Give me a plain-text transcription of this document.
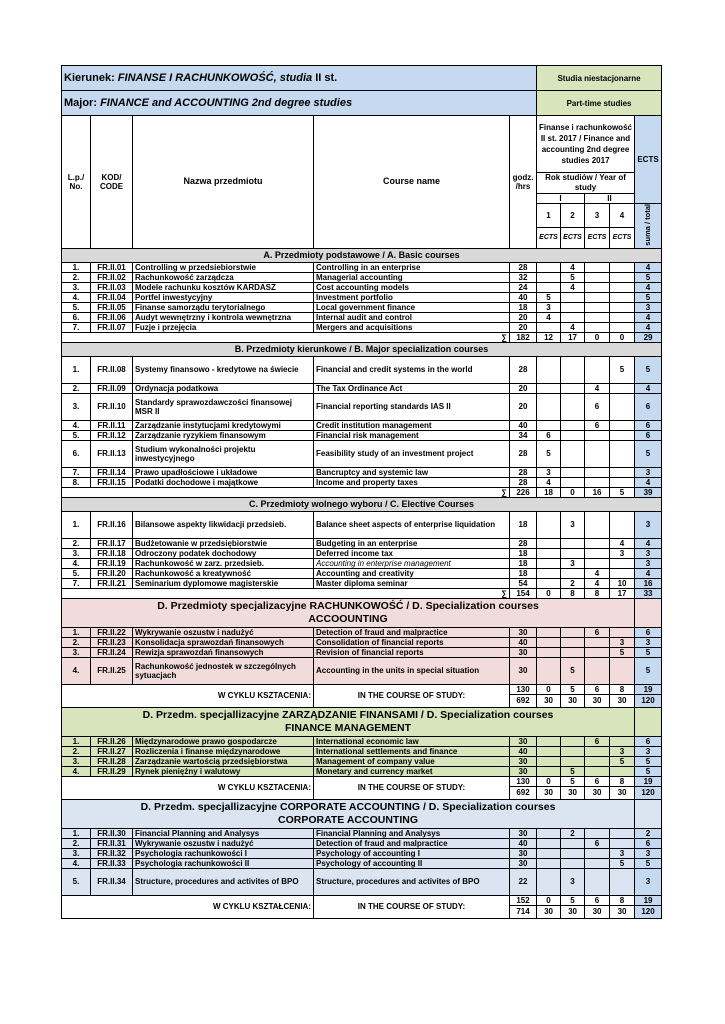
Kierunek: FINANSE I RACHUNKOWOŚĆ, studia II st.					Studia niestacjonarne				
Major: FINANCE and ACCOUNTING 2nd degree studies					Part-time studies				
L.p./ No.	KOD/ CODE	Nazwa przedmiotu	Course name	godz. /hrs	Finanse i rachunkowość II st. 2017 / Finance and accounting 2nd degree studies 2017				ECTS
					Rok studiów / Year of study				
					I		II		
					1	2	3	4	suma / total
					ECTS	ECTS	ECTS	ECTS	
A. Przedmioty podstawowe / A. Basic courses									
1.	FR.II.01	Controlling w przedsiebiorstwie	Controlling in an enterprise	28		4			4
2.	FR.II.02	Rachunkowość zarządcza	Managerial accounting	32		5			5
3.	FR.II.03	Modele rachunku kosztów KARDASZ	Cost accounting models	24		4			4
4.	FR.II.04	Portfel inwestycyjny	Investment portfolio	40	5				5
5.	FR.II.05	Finanse samorządu terytorialnego	Local government finance	18	3				3
6.	FR.II.06	Audyt wewnętrzny i kontrola wewnętrzna	Internal audit and control	20	4				4
7.	FR.II.07	Fuzje i przejęcia	Mergers and acquisitions	20		4			4
∑				182	12	17	0	0	29
B. Przedmioty kierunkowe / B. Major specialization courses									
1.	FR.II.08	Systemy finansowo - kredytowe na świecie	Financial and credit systems in the world	28				5	5
2.	FR.II.09	Ordynacja podatkowa	The Tax Ordinance Act	20			4		4
3.	FR.II.10	Standardy sprawozdawczości finansowej MSR II	Financial reporting standards IAS II	20			6		6
4.	FR.II.11	Zarządzanie instytucjami kredytowymi	Credit institution management	40			6		6
5.	FR.II.12	Zarządzanie ryzykiem finansowym	Financial risk management	34	6				6
6.	FR.II.13	Studium wykonalności projektu inwestycyjnego	Feasibility study of an investment project	28	5				5
7.	FR.II.14	Prawo upadłościowe i układowe	Bancruptcy and systemic law	28	3				3
8.	FR.II.15	Podatki dochodowe i majątkowe	Income and property taxes	28	4				4
∑				226	18	0	16	5	39
C. Przedmioty wolnego wyboru / C. Elective Courses									
1.	FR.II.16	Bilansowe aspekty likwidacji przedsieb.	Balance sheet aspects of enterprise liquidation	18		3			3
2.	FR.II.17	Budżetowanie w przedsiębiorstwie	Budgeting in an enterprise	28				4	4
3.	FR.II.18	Odroczony podatek dochodowy	Deferred income tax	18				3	3
4.	FR.II.19	Rachunkowość w zarz. przedsieb.	Accounting in enterprise management	18		3			3
5.	FR.II.20	Rachunkowość a kreatywność	Accounting and creativity	18			4		4
7.	FR.II.21	Seminarium dyplomowe magisterskie	Master diploma seminar	54		2	4	10	16
∑				154	0	8	8	17	33
D. Przedmioty specjalizacyjne RACHUNKOWOŚĆ / D. Specialization courses
ACCOOUNTING									
1.	FR.II.22	Wykrywanie oszustw i nadużyć	Detection of fraud and malpractice	30			6		6
2.	FR.II.23	Konsolidacja sprawozdań finansowych	Consolidation of financial reports	40				3	3
3.	FR.II.24	Rewizja sprawozdań finansowych	Revision of financial reports	30				5	5
4.	FR.II.25	Rachunkowość jednostek w szczególnych sytuacjach	Accounting in the units in special situation	30		5			5
W CYKLU KSZTACENIA:			IN THE COURSE OF STUDY:	130	0	5	6	8	19
				692	30	30	30	30	120
D. Przedm. specjallizacyjne ZARZĄDZANIE FINANSAMI / D. Specialization courses
FINANCE MANAGEMENT									
1.	FR.II.26	Międzynarodowe prawo gospodarcze	International economic law	30			6		6
2.	FR.II.27	Rozliczenia i finanse międzynarodowe	International settlements and finance	40				3	3
3.	FR.II.28	Zarządzanie wartością przedsiębiorstwa	Management of company value	30				5	5
4.	FR.II.29	Rynek pieniężny i walutowy	Monetary and currency market	30		5			5
W CYKLU KSZTACENIA:			IN THE COURSE OF STUDY:	130	0	5	6	8	19
				692	30	30	30	30	120
D. Przedm. specjallizacyjne CORPORATE ACCOUNTING / D. Specialization courses
CORPORATE ACCOUNTING									
1.	FR.II.30	Financial Planning and Analysys	Financial Planning and Analysys	30		2			2
2.	FR.II.31	Wykrywanie oszustw i nadużyć	Detection of fraud and malpractice	40			6		6
3.	FR.II.32	Psychologia rachunkowości I	Psychology of accounting I	30				3	3
4.	FR.II.33	Psychologia rachunkowości II	Psychology of accounting II	30				5	5
5.	FR.II.34	Structure, procedures and activites of BPO	Structure, procedures and activites of BPO	22		3			3
W CYKLU KSZTAŁCENIA:			IN THE COURSE OF STUDY:	152	0	5	6	8	19
				714	30	30	30	30	120
